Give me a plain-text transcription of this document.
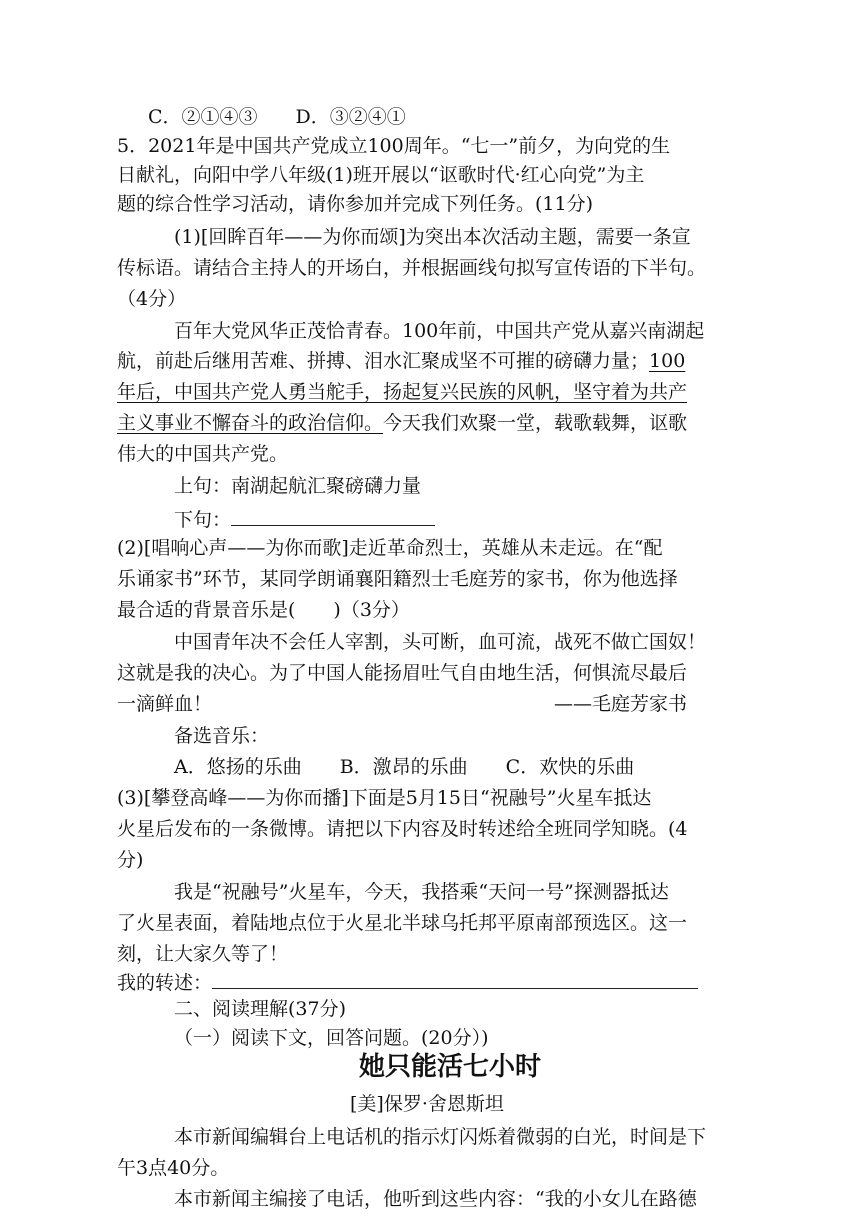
C．②①④③　　D．③②④①
5．2021年是中国共产党成立100周年。“七一”前夕，为向党的生
日献礼，向阳中学八年级(1)班开展以“讴歌时代·红心向党”为主
题的综合性学习活动，请你参加并完成下列任务。(11分)
(1)[回眸百年——为你而颂]为突出本次活动主题，需要一条宣
传标语。请结合主持人的开场白，并根据画线句拟写宣传语的下半句。
（4分）
百年大党风华正茂恰青春。100年前，中国共产党从嘉兴南湖起
航，前赴后继用苦难、拼搏、泪水汇聚成坚不可摧的磅礴力量；100
年后，中国共产党人勇当舵手，扬起复兴民族的风帆，坚守着为共产
主义事业不懈奋斗的政治信仰。今天我们欢聚一堂，载歌载舞，讴歌
伟大的中国共产党。
上句：南湖起航汇聚磅礴力量
下句：
(2)[唱响心声——为你而歌]走近革命烈士，英雄从未走远。在“配
乐诵家书”环节，某同学朗诵襄阳籍烈士毛庭芳的家书，你为他选择
最合适的背景音乐是(　　)（3分）
中国青年决不会任人宰割，头可断，血可流，战死不做亡国奴！
这就是我的决心。为了中国人能扬眉吐气自由地生活，何惧流尽最后
一滴鲜血！	——毛庭芳家书
备选音乐：
A．悠扬的乐曲　　B．激昂的乐曲　　C．欢快的乐曲
(3)[攀登高峰——为你而播]下面是5月15日“祝融号”火星车抵达
火星后发布的一条微博。请把以下内容及时转述给全班同学知晓。(4
分)
我是“祝融号”火星车，今天，我搭乘“天问一号”探测器抵达
了火星表面，着陆地点位于火星北半球乌托邦平原南部预选区。这一
刻，让大家久等了！
我的转述：
二、阅读理解(37分)
（一）阅读下文，回答问题。(20分）)
她只能活七小时
[美]保罗·舍恩斯坦
本市新闻编辑台上电话机的指示灯闪烁着微弱的白光，时间是下
午3点40分。
本市新闻主编接了电话，他听到这些内容：“我的小女儿在路德
